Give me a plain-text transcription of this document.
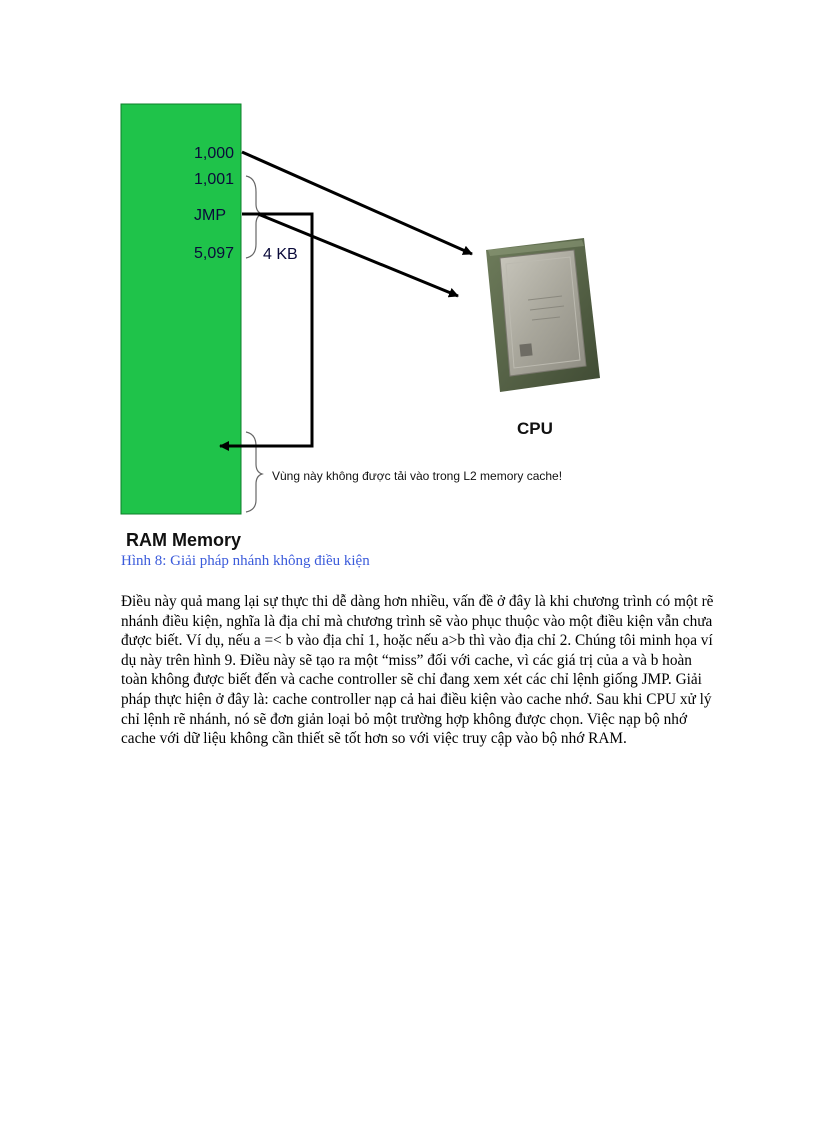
1,000
1,001
JMP
5,097 4 KB
CPU
Vùng này không được tải vào trong L2 memory cache!
RAM Memory

Hình 8: Giải pháp nhánh không điều kiện

Điều này quả mang lại sự thực thi dễ dàng hơn nhiều, vấn đề ở đây là khi chương trình có một rẽ nhánh điều kiện, nghĩa là địa chỉ mà chương trình sẽ vào phục thuộc vào một điều kiện vẫn chưa được biết. Ví dụ, nếu a =< b vào địa chỉ 1, hoặc nếu a>b thì vào địa chỉ 2. Chúng tôi minh họa ví dụ này trên hình 9. Điều này sẽ tạo ra một “miss” đối với cache, vì các giá trị của a và b hoàn toàn không được biết đến và cache controller sẽ chỉ đang xem xét các chỉ lệnh giống JMP. Giải pháp thực hiện ở đây là: cache controller nạp cả hai điều kiện vào cache nhớ. Sau khi CPU xử lý chỉ lệnh rẽ nhánh, nó sẽ đơn giản loại bỏ một trường hợp không được chọn. Việc nạp bộ nhớ cache với dữ liệu không cần thiết sẽ tốt hơn so với việc truy cập vào bộ nhớ RAM.
